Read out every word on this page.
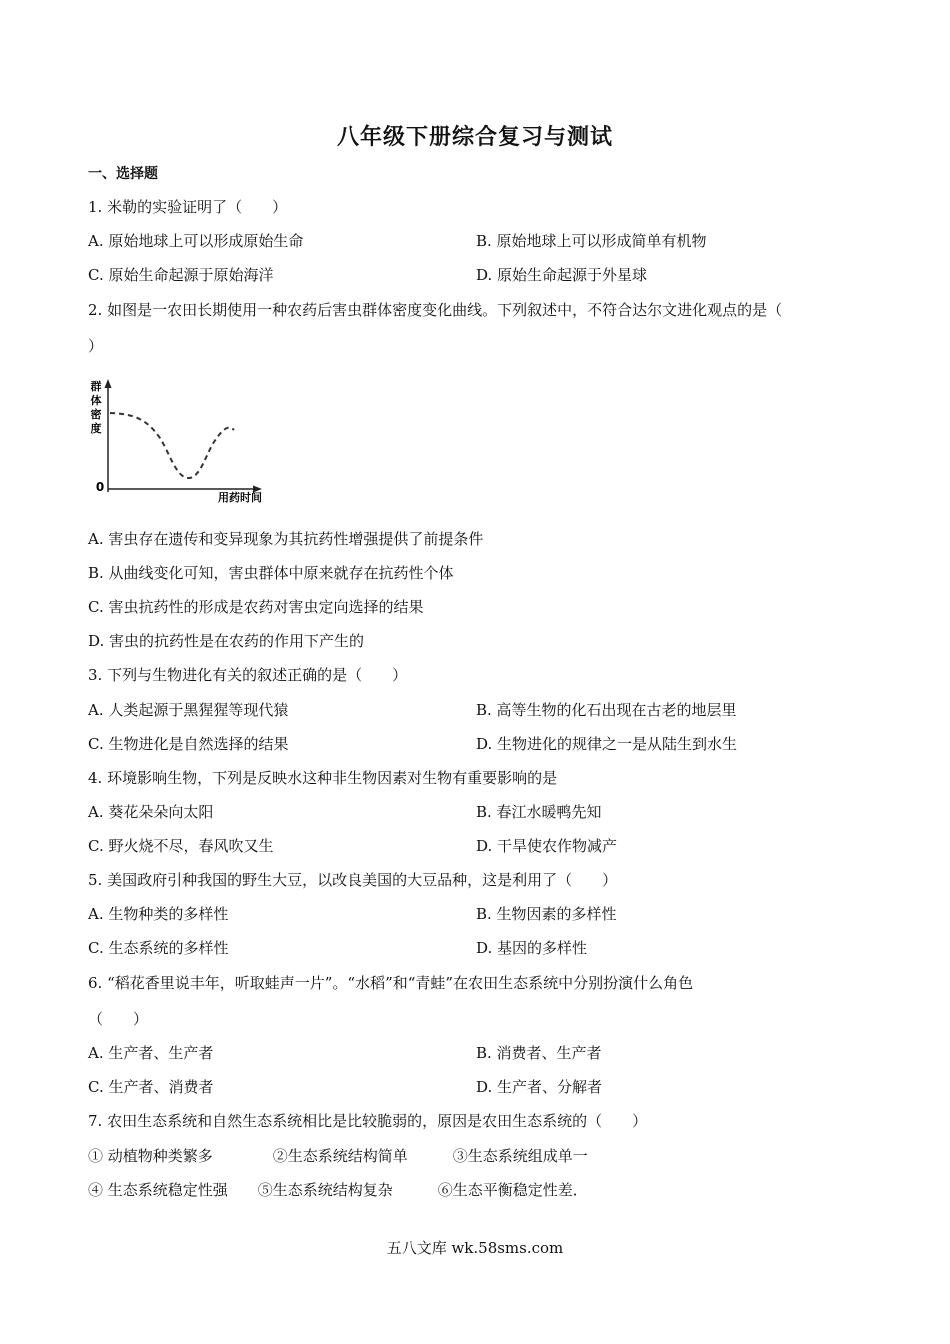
八年级下册综合复习与测试
一、选择题
1. 米勒的实验证明了（　　）
A. 原始地球上可以形成原始生命	B. 原始地球上可以形成简单有机物
C. 原始生命起源于原始海洋	D. 原始生命起源于外星球
2. 如图是一农田长期使用一种农药后害虫群体密度变化曲线。下列叙述中，不符合达尔文进化观点的是（
）
群
体
密
度
0
用药时间
A. 害虫存在遗传和变异现象为其抗药性增强提供了前提条件
B. 从曲线变化可知，害虫群体中原来就存在抗药性个体
C. 害虫抗药性的形成是农药对害虫定向选择的结果
D. 害虫的抗药性是在农药的作用下产生的
3. 下列与生物进化有关的叙述正确的是（　　）
A. 人类起源于黑猩猩等现代猿	B. 高等生物的化石出现在古老的地层里
C. 生物进化是自然选择的结果	D. 生物进化的规律之一是从陆生到水生
4. 环境影响生物，下列是反映水这种非生物因素对生物有重要影响的是
A. 葵花朵朵向太阳	B. 春江水暖鸭先知
C. 野火烧不尽，春风吹又生	D. 干旱使农作物减产
5. 美国政府引种我国的野生大豆，以改良美国的大豆品种，这是利用了（　　）
A. 生物种类的多样性	B. 生物因素的多样性
C. 生态系统的多样性	D. 基因的多样性
6. “稻花香里说丰年，听取蛙声一片”。“水稻”和“青蛙”在农田生态系统中分别扮演什么角色
（　　）
A. 生产者、生产者	B. 消费者、生产者
C. 生产者、消费者	D. 生产者、分解者
7. 农田生态系统和自然生态系统相比是比较脆弱的，原因是农田生态系统的（　　）
① 动植物种类繁多　　　　②生态系统结构简单　　　③生态系统组成单一
④ 生态系统稳定性强　　⑤生态系统结构复杂　　　⑥生态平衡稳定性差．
五八文库 wk.58sms.com
